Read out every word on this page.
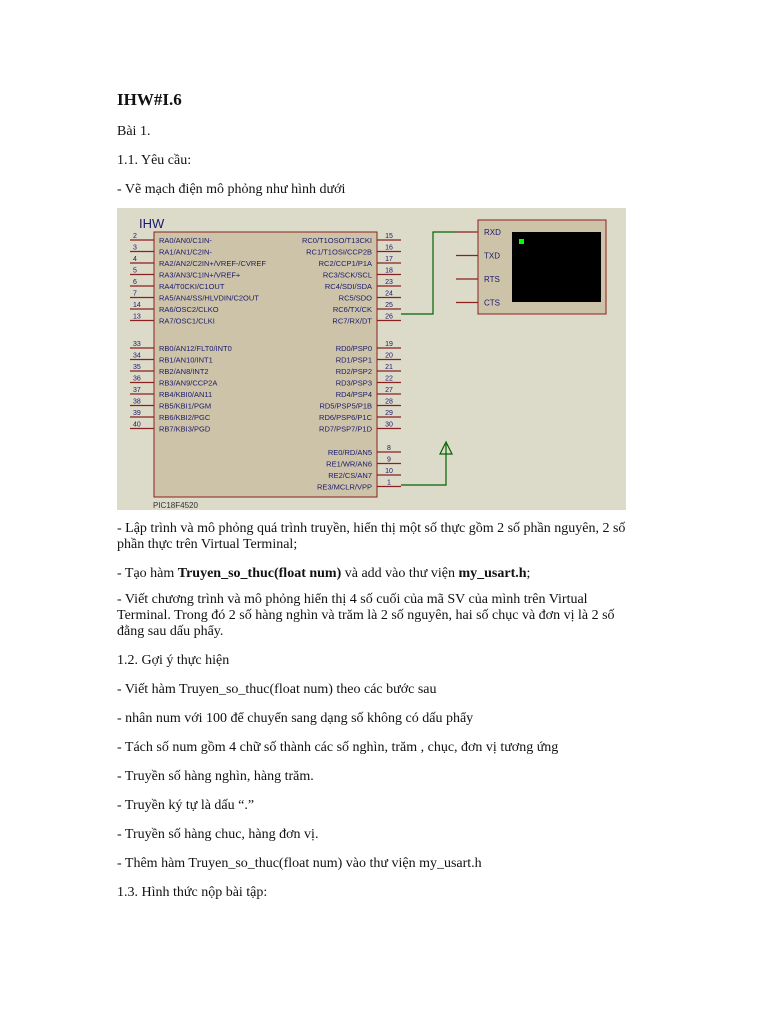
IHW#I.6
Bài 1.
1.1. Yêu cầu:
- Vẽ mạch điện mô phỏng như hình dưới
IHW
PIC18F4520
2	RA0/AN0/C1IN-
3	RA1/AN1/C2IN-
4	RA2/AN2/C2IN+/VREF-/CVREF
5	RA3/AN3/C1IN+/VREF+
6	RA4/T0CKI/C1OUT
7	RA5/AN4/SS/HLVDIN/C2OUT
14 RA6/OSC2/CLKO
13 RA7/OSC1/CLKI
33 RB0/AN12/FLT0/INT0
34 RB1/AN10/INT1
35 RB2/AN8/INT2
36 RB3/AN9/CCP2A
37 RB4/KBI0/AN11
38 RB5/KBI1/PGM
39 RB6/KBI2/PGC
40 RB7/KBI3/PGD
15
RC0/T1OSO/T13CKI
16
RC1/T1OSI/CCP2B
17
RC2/CCP1/P1A
18
RC3/SCK/SCL
23
RC4/SDI/SDA
24
RC5/SDO
25
RC6/TX/CK
26
RC7/RX/DT
19
RD0/PSP0
20
RD1/PSP1
21
RD2/PSP2
22
RD3/PSP3
27
RD4/PSP4
28
RD5/PSP5/P1B
29
RD6/PSP6/P1C
30
RD7/PSP7/P1D
8
RE0/RD/AN5
9
RE1/WR/AN6
10
RE2/CS/AN7
1
RE3/MCLR/VPP
RXD
TXD
RTS
CTS
- Lập trình và mô phỏng quá trình truyền, hiển thị một số thực gồm 2 số phần nguyên, 2 số phần thực trên Virtual Terminal;
- Tạo hàm Truyen_so_thuc(float num) và add vào thư viện my_usart.h;
- Viết chương trình và mô phỏng hiển thị 4 số cuối của mã SV của mình trên Virtual Terminal. Trong đó 2 số hàng nghìn và trăm là 2 số nguyên, hai số chục và đơn vị là 2 số đằng sau dấu phẩy.
1.2. Gợi ý thực hiện
- Viết hàm Truyen_so_thuc(float num) theo các bước sau
- nhân num với 100 để chuyển sang dạng số không có dấu phẩy
- Tách số num gồm 4 chữ số thành các số nghìn, trăm , chục, đơn vị tương ứng
- Truyền số hàng nghìn, hàng trăm.
- Truyền ký tự là dấu “.”
- Truyền số hàng chuc, hàng đơn vị.
- Thêm hàm Truyen_so_thuc(float num) vào thư viện my_usart.h
1.3. Hình thức nộp bài tập:
